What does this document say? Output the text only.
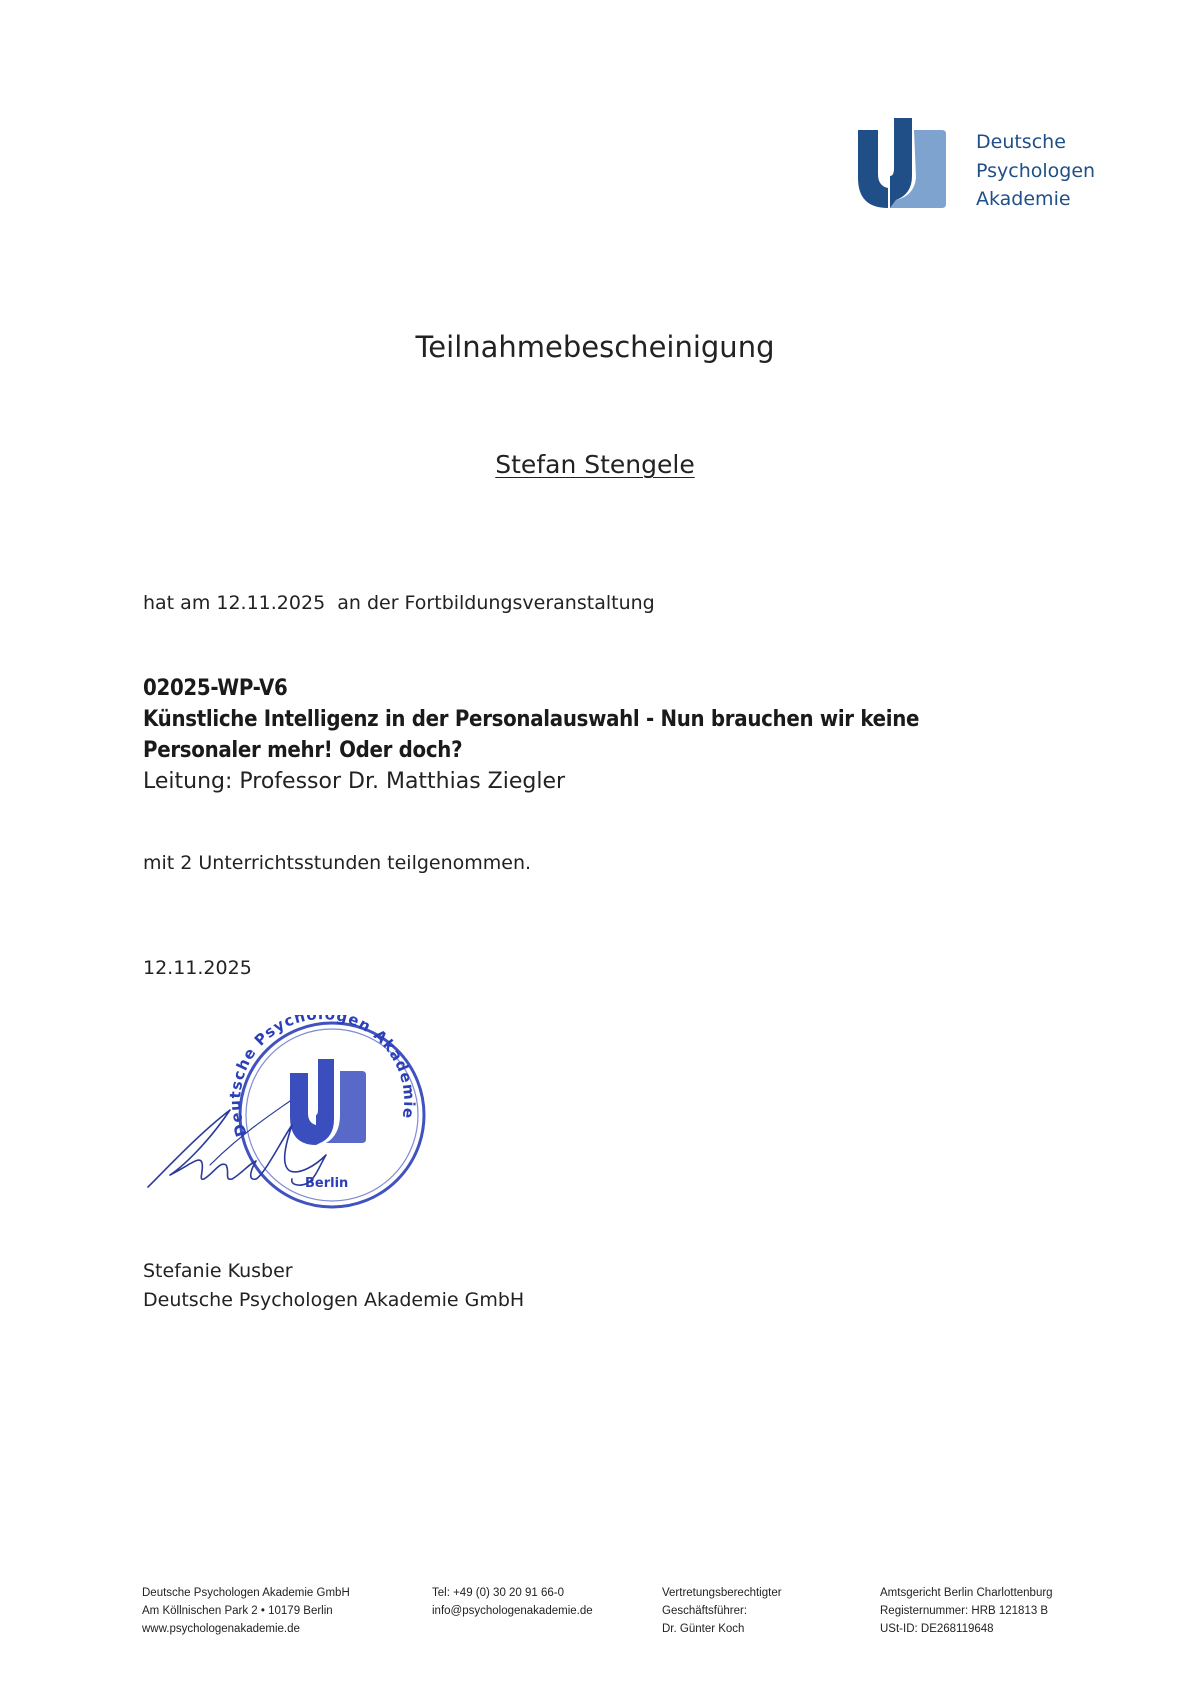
Deutsche
Psychologen
Akademie
Teilnahmebescheinigung
Stefan Stengele
hat am 12.11.2025  an der Fortbildungsveranstaltung
02025-WP-V6
Künstliche Intelligenz in der Personalauswahl - Nun brauchen wir keine Personaler mehr! Oder doch?
Leitung: Professor Dr. Matthias Ziegler
mit 2 Unterrichtsstunden teilgenommen.
12.11.2025
Deutsche Psych gen Akademie
Berlin
Stefanie Kusber
Deutsche Psychologen Akademie GmbH
Deutsche Psychologen Akademie GmbH
Am Köllnischen Park 2 • 10179 Berlin
www.psychologenakademie.de
Tel: +49 (0) 30 20 91 66-0
info@psychologenakademie.de
Vertretungsberechtigter
Geschäftsführer:
Dr. Günter Koch
Amtsgericht Berlin Charlottenburg
Registernummer: HRB 121813 B
USt-ID: DE268119648
